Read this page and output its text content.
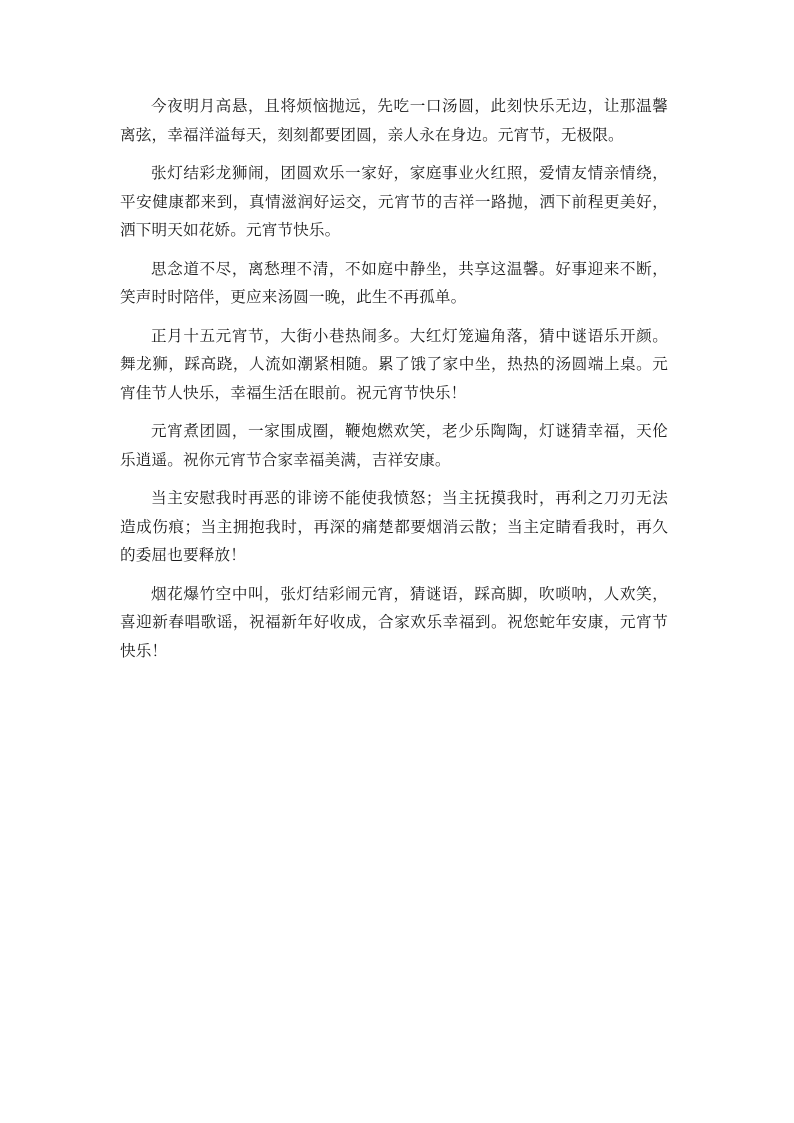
今夜明月高悬，且将烦恼抛远，先吃一口汤圆，此刻快乐无边，让那温馨离弦，幸福洋溢每天，刻刻都要团圆，亲人永在身边。元宵节，无极限。

张灯结彩龙狮闹，团圆欢乐一家好，家庭事业火红照，爱情友情亲情绕，平安健康都来到，真情滋润好运交，元宵节的吉祥一路抛，洒下前程更美好，洒下明天如花娇。元宵节快乐。

思念道不尽，离愁理不清，不如庭中静坐，共享这温馨。好事迎来不断，笑声时时陪伴，更应来汤圆一晚，此生不再孤单。

正月十五元宵节，大街小巷热闹多。大红灯笼遍角落，猜中谜语乐开颜。舞龙狮，踩高跷，人流如潮紧相随。累了饿了家中坐，热热的汤圆端上桌。元宵佳节人快乐，幸福生活在眼前。祝元宵节快乐！

元宵煮团圆，一家围成圈，鞭炮燃欢笑，老少乐陶陶，灯谜猜幸福，天伦乐逍遥。祝你元宵节合家幸福美满，吉祥安康。

当主安慰我时再恶的诽谤不能使我愤怒；当主抚摸我时，再利之刀刃无法造成伤痕；当主拥抱我时，再深的痛楚都要烟消云散；当主定睛看我时，再久的委屈也要释放！

烟花爆竹空中叫，张灯结彩闹元宵，猜谜语，踩高脚，吹唢呐，人欢笑，喜迎新春唱歌谣，祝福新年好收成，合家欢乐幸福到。祝您蛇年安康，元宵节快乐！
